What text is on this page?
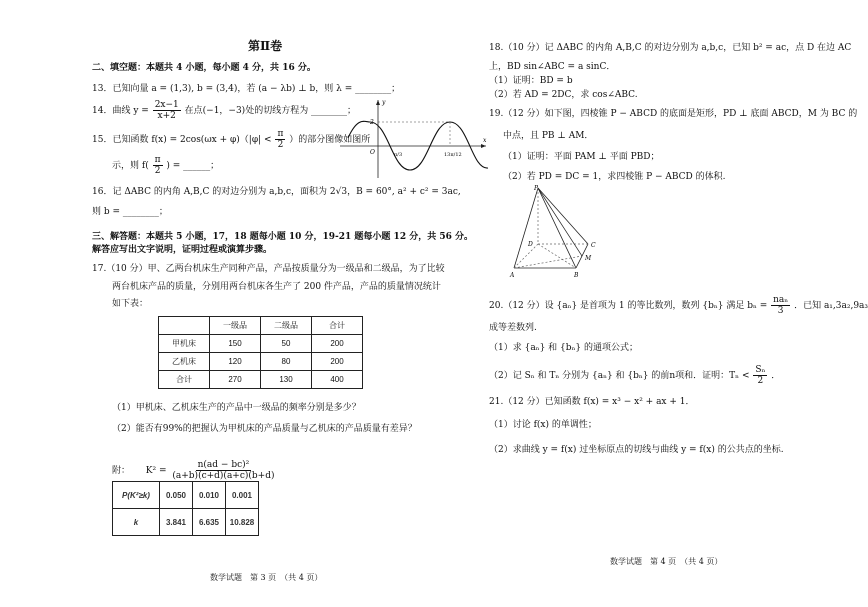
第Ⅱ卷
二、填空题：本题共 4 小题，每小题 4 分，共 16 分。
13．已知向量 a = (1,3), b = (3,4)，若 (a − λb) ⊥ b，则 λ = ________；
14．曲线 $y = \frac{2x-1}{x+2}$ 在点(−1，−3)处的切线方程为 ________；
15．已知函数 $f(x) = 2\cos(\omega x + \varphi)(|\varphi| < \frac{\pi}{2}$ ）的部分图像如图所
示，则 $f( \frac{\pi}{2}$ ) = ______；
2
y
x
O	π/3	13π/12
16．记 ΔABC 的内角 A,B,C 的对边分别为 a,b,c，面积为 2√3，B = 60°, a² + c² = 3ac,
则 b = ________；
三、解答题：本题共 5 小题，17，18 题每小题 10 分，19-21 题每小题 12 分，共 56 分。
解答应写出文字说明，证明过程或演算步骤。
17.（10 分）甲、乙两台机床生产同种产品，产品按质量分为一级品和二级品，为了比较
两台机床产品的质量，分别用两台机床各生产了 200 件产品，产品的质量情况统计
如下表：
	一级品	二级品	合计
甲机床	150	50	200
乙机床	120	80	200
合计	270	130	400
（1）甲机床、乙机床生产的产品中一级品的频率分别是多少？
（2）能否有99%的把握认为甲机床的产品质量与乙机床的产品质量有差异？
附： $K^2 = \frac{\text{n(ad − bc)²}}{(a+b)(c+d)(a+c)(b+d)}$
P(K²≥k)	0.050	0.010	0.001
k	3.841	6.635	10.828
数学试题　第 3 页　（共 4 页）
18.（10 分）记 ΔABC 的内角 A,B,C 的对边分别为 a,b,c，已知 b² = ac，点 D 在边 AC
上，BD sin∠ABC = a sinC．
（1）证明：BD = b
（2）若 AD = 2DC，求 cos∠ABC.
19.（12 分）如下图，四棱锥 P − ABCD 的底面是矩形，PD ⊥ 底面 ABCD，M 为 BC 的
中点，且 PB ⊥ AM．
（1）证明：平面 PAM ⊥ 平面 PBD；
（2）若 PD = DC = 1，求四棱锥 P − ABCD 的体积.
P
A	B
C
D
M
20.（12 分）设 {aₙ} 是首项为 1 的等比数列，数列 {bₙ} 满足 $b_n = \frac{\text{naₙ}}{3}$ ．已知 a₁,3a₂,9a₃
成等差数列.
（1）求 {aₙ} 和 {bₙ} 的通项公式；
（2）记 Sₙ 和 Tₙ 分别为 {aₙ} 和 {bₙ} 的前n项和．证明：$T_n < \frac{\text{Sₙ}}{2}$ ．
21.（12 分）已知函数 f(x) = x³ − x² + ax + 1．
（1）讨论 f(x) 的单调性；
（2）求曲线 y = f(x) 过坐标原点的切线与曲线 y = f(x) 的公共点的坐标.
数学试题　第 4 页　（共 4 页）
